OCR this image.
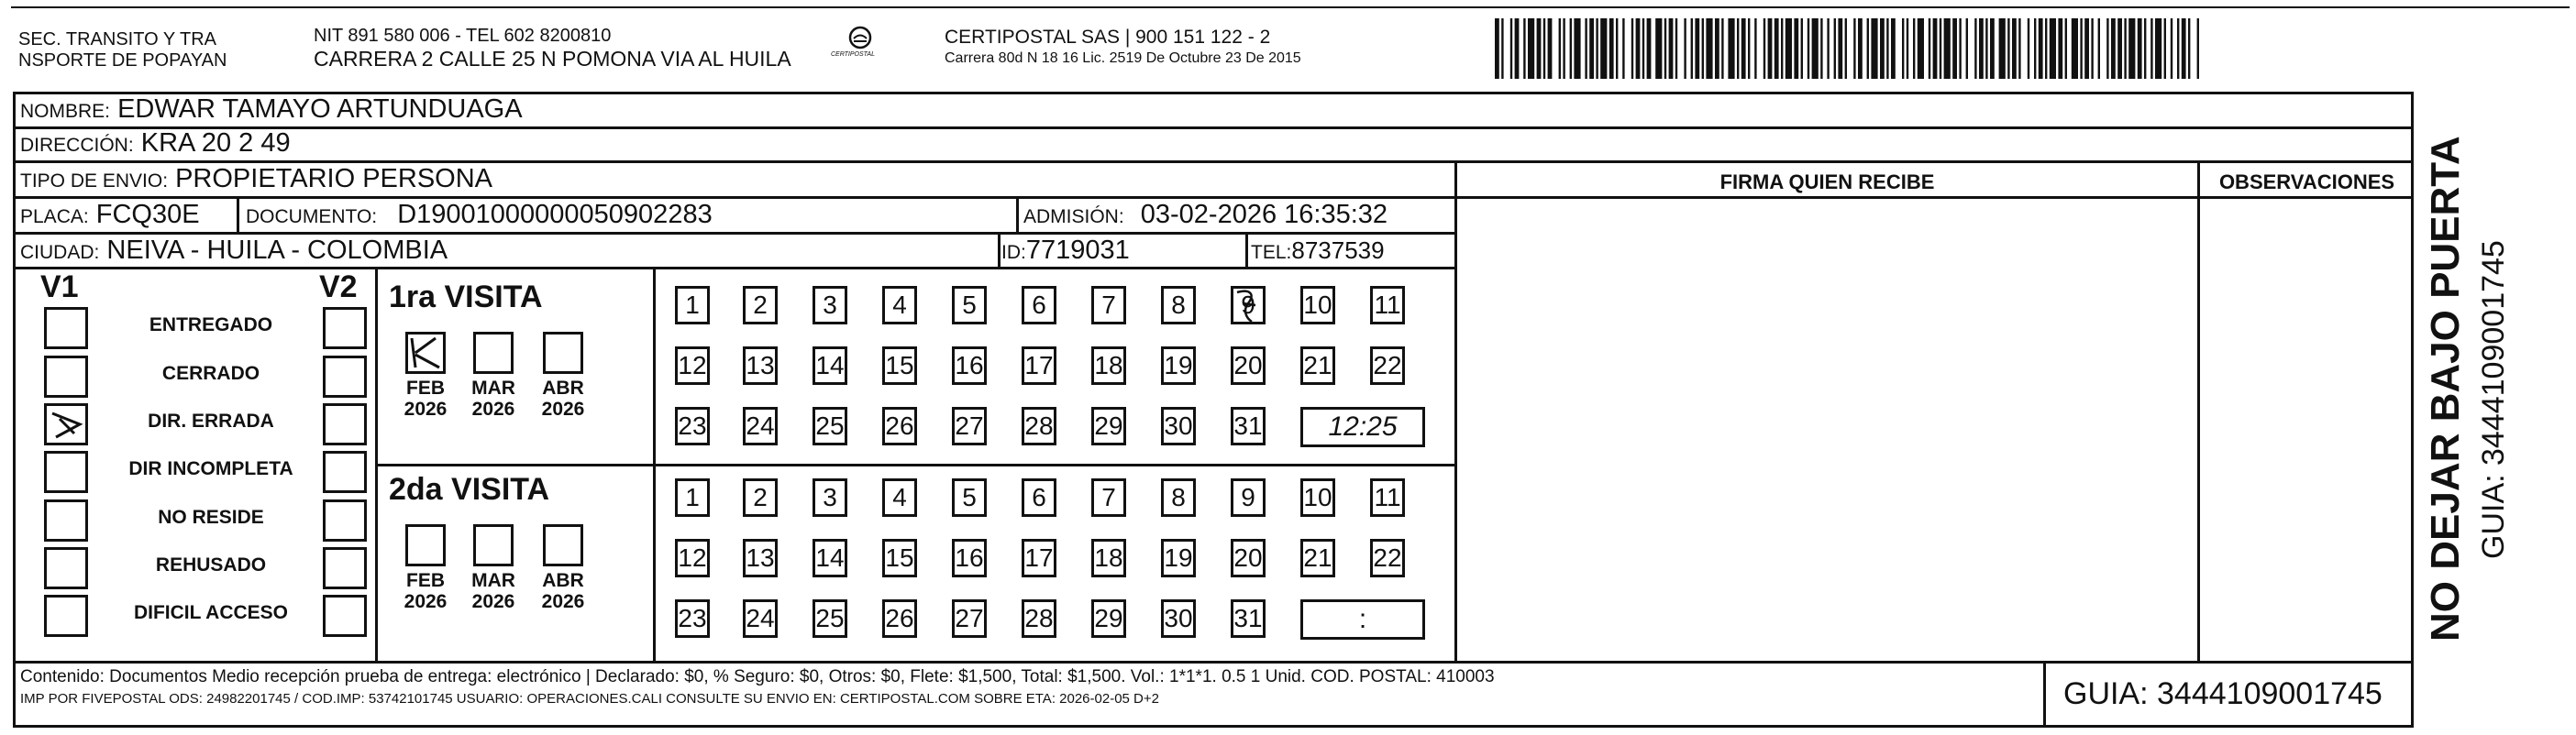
SEC. TRANSITO Y TRA
NSPORTE DE POPAYAN
NIT 891 580 006 - TEL 602 8200810
CARRERA 2 CALLE 25 N POMONA VIA AL HUILA	CERTIPOSTAL
CERTIPOSTAL SAS | 900 151 122 - 2
Carrera 80d N 18 16 Lic. 2519 De Octubre 23 De 2015
NOMBRE: EDWAR TAMAYO ARTUNDUAGA
DIRECCIÓN: KRA 20 2 49
TIPO DE ENVIO: PROPIETARIO PERSONA
PLACA: FCQ30E DOCUMENTO: D19001000000050902283	ADMISIÓN: 03-02-2026 16:35:32
CIUDAD: NEIVA - HUILA - COLOMBIA	ID:7719031	TEL:8737539
FIRMA QUIEN RECIBE	OBSERVACIONES
V1	V2
ENTREGADO
CERRADO
DIR. ERRADA
DIR INCOMPLETA
NO RESIDE
REHUSADO
DIFICIL ACCESO
1ra VISITA
2da VISITA
1	2	3	4	5	6	7	8	9	10 11
12 13 14 15 16 17 18 19 20 21 22
23 24 25 26 27 28 29 30 31	12:25
FEB
2026
MAR
2026
ABR
2026
1	2	3	4	5	6	7	8	9	10 11
12 13 14 15 16 17 18 19 20 21 22
23 24 25 26 27 28 29 30 31	:
FEB
2026
MAR
2026
ABR
2026	NO DEJAR BAJO PUERTA GUIA: 3444109001745
Contenido: Documentos Medio recepción prueba de entrega: electrónico | Declarado: $0, % Seguro: $0, Otros: $0, Flete: $1,500, Total: $1,500. Vol.: 1*1*1. 0.5 1 Unid. COD. POSTAL: 410003
IMP POR FIVEPOSTAL ODS: 24982201745 / COD.IMP: 53742101745 USUARIO: OPERACIONES.CALI CONSULTE SU ENVIO EN: CERTIPOSTAL.COM SOBRE ETA: 2026-02-05 D+2	GUIA: 3444109001745
